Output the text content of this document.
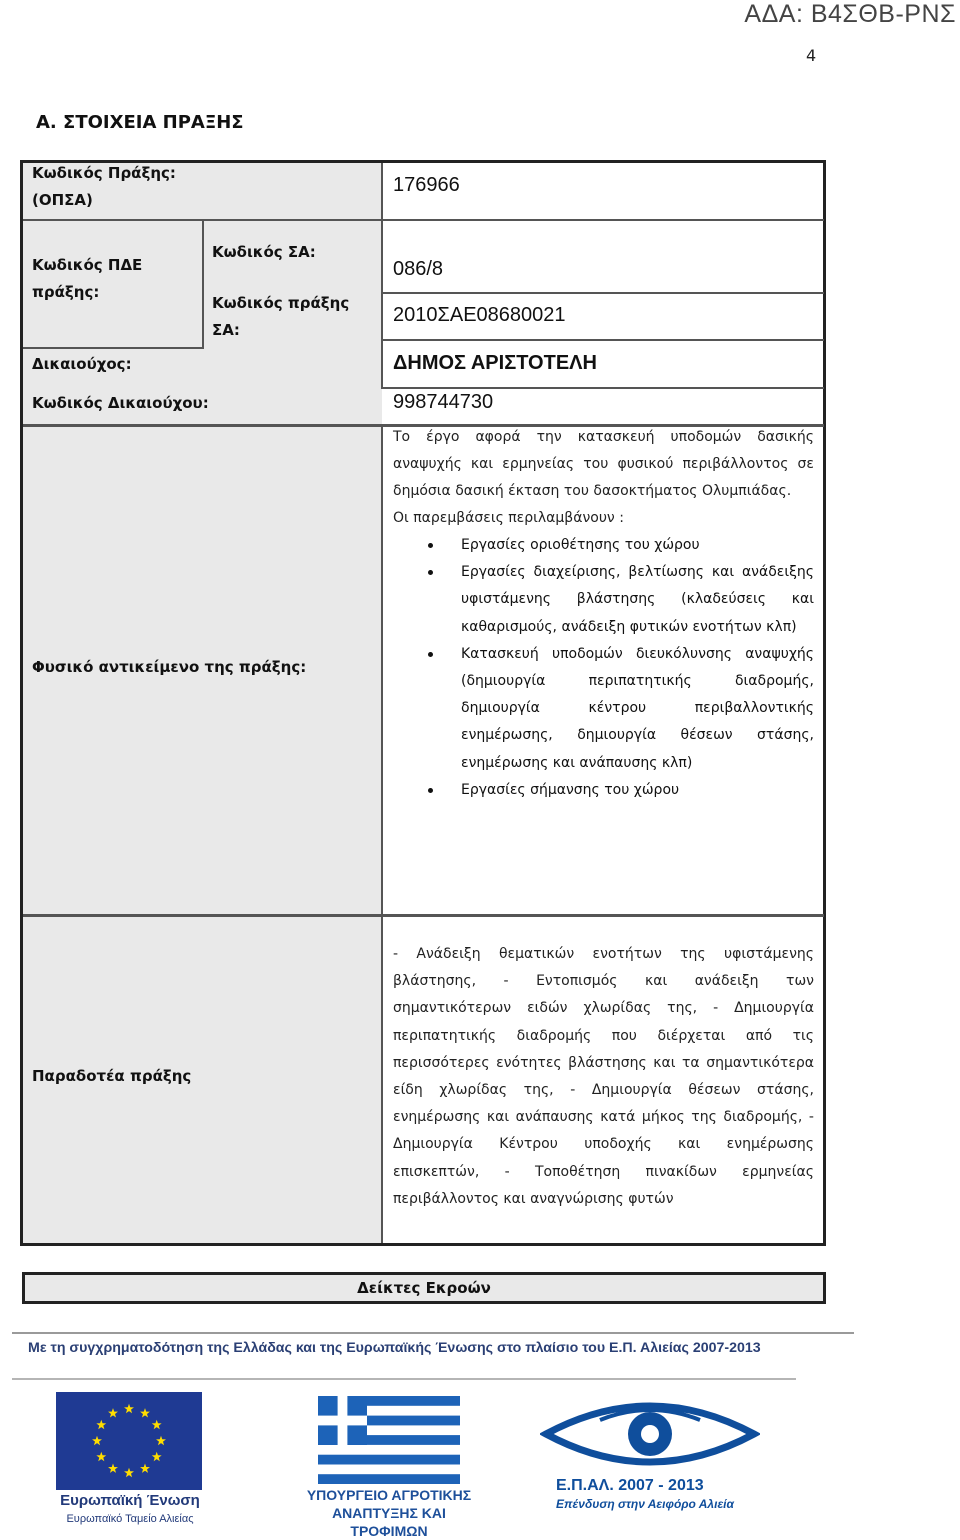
ΑΔΑ: Β4ΣΘΒ-ΡΝΣ
4
Α. ΣΤΟΙΧΕΙΑ ΠΡΑΞΗΣ
Κωδικός Πράξης:
(ΟΠΣΑ)
176966
Κωδικός ΠΔΕ
πράξης:
Κωδικός ΣΑ:
086/8
Κωδικός πράξης
ΣΑ:
2010ΣΑΕ08680021
Δικαιούχος:	ΔΗΜΟΣ ΑΡΙΣΤΟΤΕΛΗ
Κωδικός Δικαιούχου:	998744730
Φυσικό αντικείμενο της πράξης:
Το έργο αφορά την κατασκευή υποδομών δασικής αναψυχής και ερμηνείας του φυσικού περιβάλλοντος σε δημόσια δασική έκταση του δασοκτήματος Ολυμπιάδας.
Οι παρεμβάσεις περιλαμβάνουν :
Εργασίες οριοθέτησης του χώρου
Εργασίες διαχείρισης, βελτίωσης και ανάδειξης υφιστάμενης βλάστησης (κλαδεύσεις και καθαρισμούς, ανάδειξη φυτικών ενοτήτων κλπ)
Κατασκευή υποδομών διευκόλυνσης αναψυχής (δημιουργία περιπατητικής διαδρομής, δημιουργία κέντρου περιβαλλοντικής ενημέρωσης, δημιουργία θέσεων στάσης, ενημέρωσης και ανάπαυσης κλπ)
Εργασίες σήμανσης του χώρου
Παραδοτέα πράξης
- Ανάδειξη θεματικών ενοτήτων της υφιστάμενης βλάστησης, - Εντοπισμός και ανάδειξη των σημαντικότερων ειδών χλωρίδας της, - Δημιουργία περιπατητικής διαδρομής που διέρχεται από τις περισσότερες ενότητες βλάστησης και τα σημαντικότερα είδη χλωρίδας της, - Δημιουργία θέσεων στάσης, ενημέρωσης και ανάπαυσης κατά μήκος της διαδρομής, - Δημιουργία Κέντρου υποδοχής και ενημέρωσης επισκεπτών, - Τοποθέτηση πινακίδων ερμηνείας περιβάλλοντος και αναγνώρισης φυτών
Δείκτες Εκροών
Με τη συγχρηματοδότηση της Ελλάδας και της Ευρωπαϊκής Ένωσης στο πλαίσιο του Ε.Π. Αλιείας 2007-2013
Ευρωπαϊκή Ένωση
Ευρωπαϊκό Ταμείο Αλιείας
ΥΠΟΥΡΓΕΙΟ ΑΓΡΟΤΙΚΗΣ
ΑΝΑΠΤΥΞΗΣ ΚΑΙ ΤΡΟΦΙΜΩΝ
Ε.Π.ΑΛ. 2007 - 2013
Επένδυση στην Αειφόρο Αλιεία
